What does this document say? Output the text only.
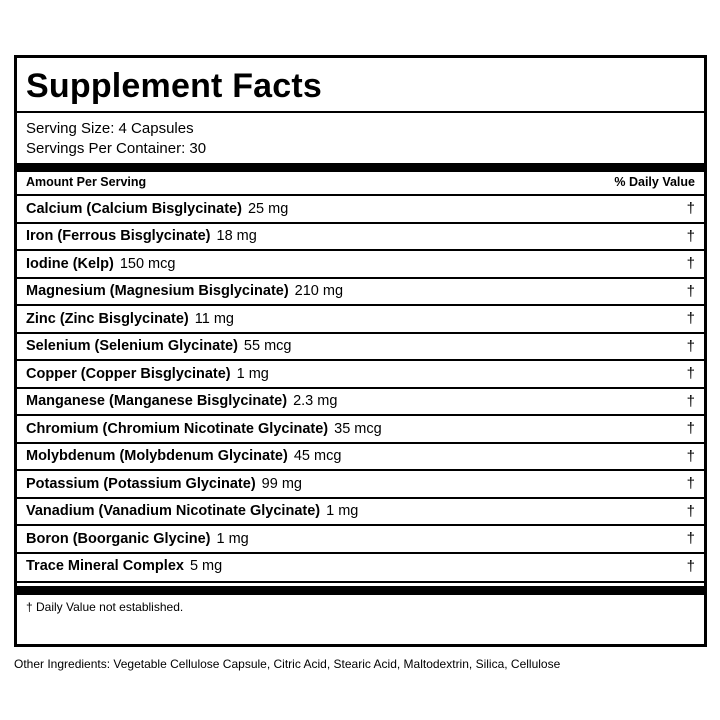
Supplement Facts
Serving Size: 4 Capsules
Servings Per Container: 30
Amount Per Serving	% Daily Value
Calcium (Calcium Bisglycinate) 25 mg	†
Iron (Ferrous Bisglycinate) 18 mg	†
Iodine (Kelp) 150 mcg	†
Magnesium (Magnesium Bisglycinate) 210 mg	†
Zinc (Zinc Bisglycinate) 11 mg	†
Selenium (Selenium Glycinate) 55 mcg	†
Copper (Copper Bisglycinate) 1 mg	†
Manganese (Manganese Bisglycinate) 2.3 mg	†
Chromium (Chromium Nicotinate Glycinate) 35 mcg	†
Molybdenum (Molybdenum Glycinate) 45 mcg	†
Potassium (Potassium Glycinate) 99 mg	†
Vanadium (Vanadium Nicotinate Glycinate) 1 mg	†
Boron (Boorganic Glycine) 1 mg	†
Trace Mineral Complex 5 mg	†
† Daily Value not established.
Other Ingredients: Vegetable Cellulose Capsule, Citric Acid, Stearic Acid, Maltodextrin, Silica, Cellulose
